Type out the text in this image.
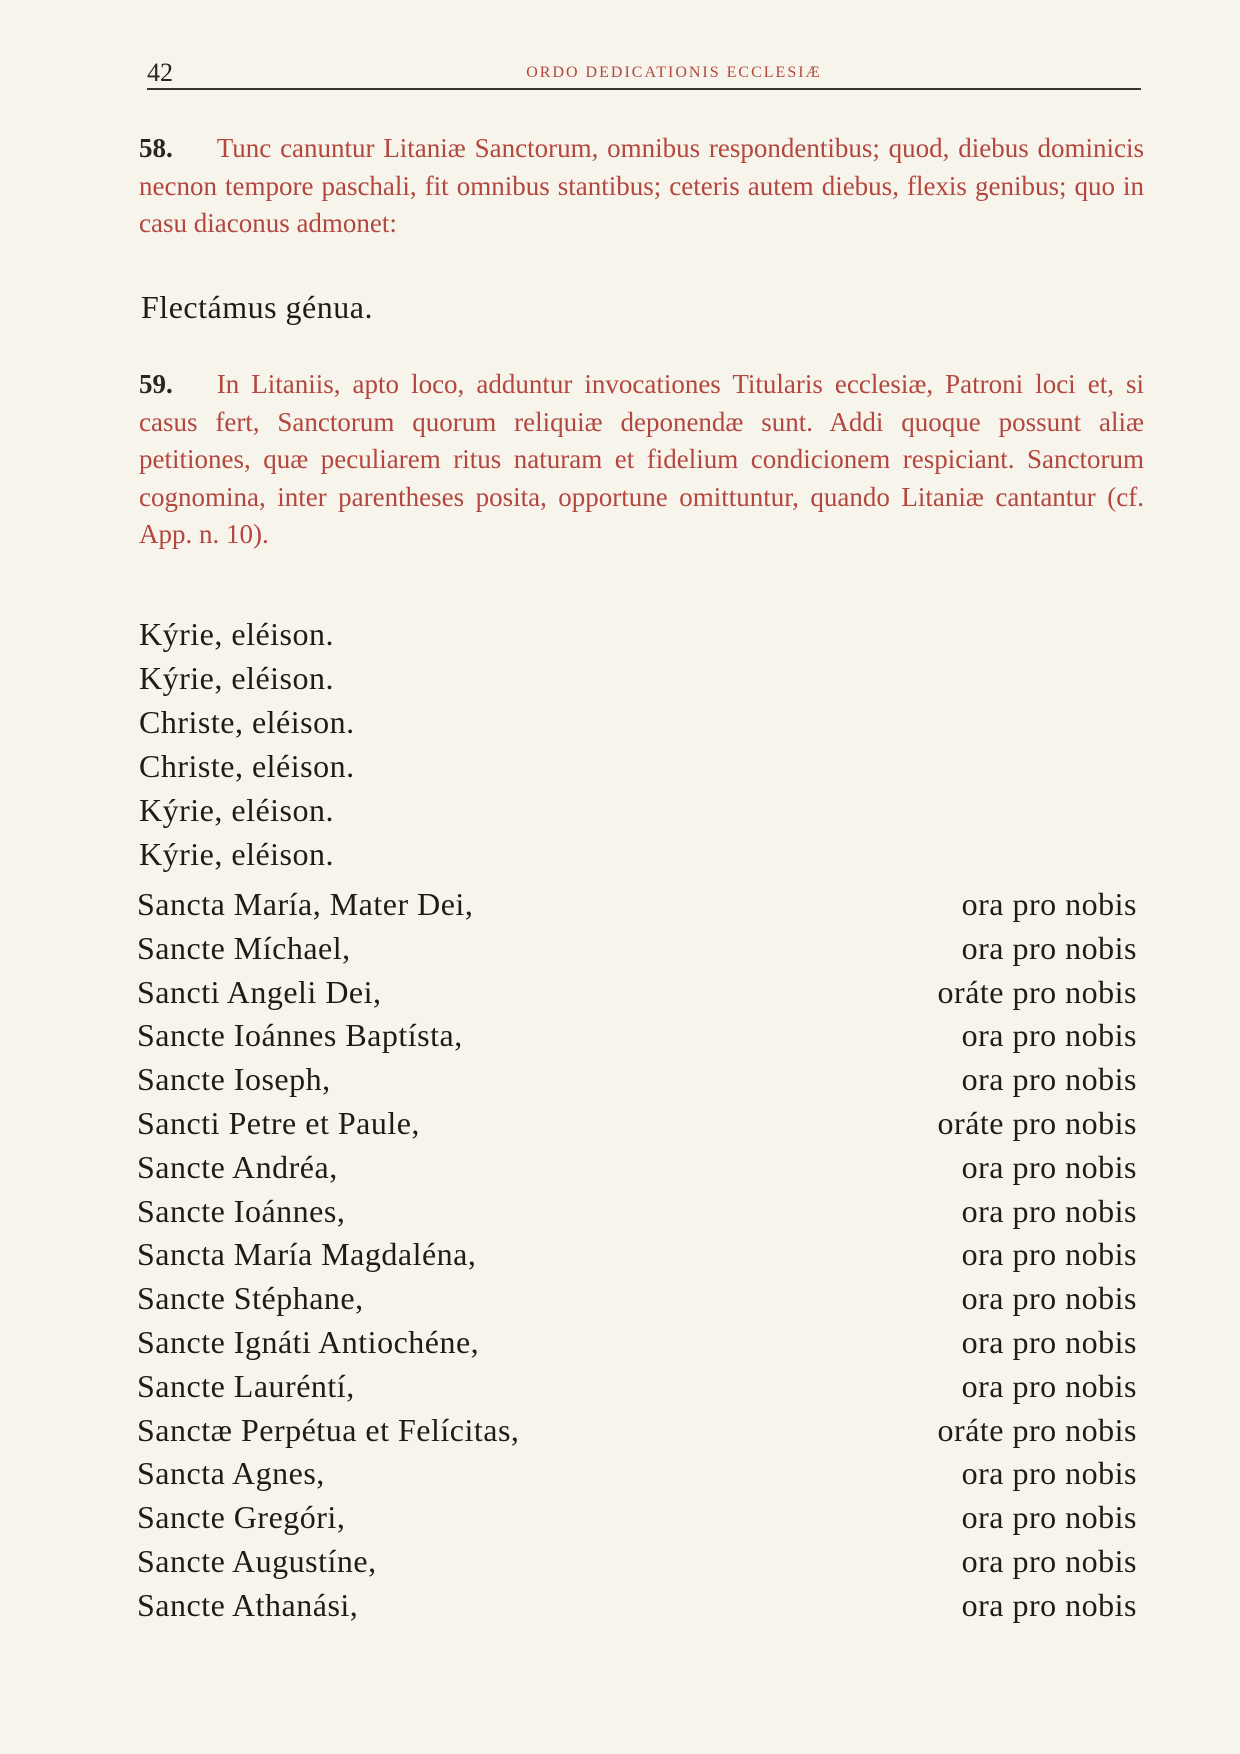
42	ORDO DEDICATIONIS ECCLESIÆ
58. Tunc canuntur Litaniæ Sanctorum, omnibus respondentibus; quod, diebus dominicis necnon tempore paschali, fit omnibus stantibus; ceteris autem diebus, flexis genibus; quo in casu diaconus admonet:
Flectámus génua.
59. In Litaniis, apto loco, adduntur invocationes Titularis ecclesiæ, Patroni loci et, si casus fert, Sanctorum quorum reliquiæ deponendæ sunt. Addi quoque possunt aliæ petitiones, quæ peculiarem ritus naturam et fidelium condicionem respiciant. Sanctorum cognomina, inter parentheses posita, opportune omittuntur, quando Litaniæ cantantur (cf. App. n. 10).
Kýrie, eléison.
Kýrie, eléison.
Christe, eléison.
Christe, eléison.
Kýrie, eléison.
Kýrie, eléison.
Sancta María, Mater Dei,	ora pro nobis
Sancte Míchael,	ora pro nobis
Sancti Angeli Dei,	oráte pro nobis
Sancte Ioánnes Baptísta,	ora pro nobis
Sancte Ioseph,	ora pro nobis
Sancti Petre et Paule,	oráte pro nobis
Sancte Andréa,	ora pro nobis
Sancte Ioánnes,	ora pro nobis
Sancta María Magdaléna,	ora pro nobis
Sancte Stéphane,	ora pro nobis
Sancte Ignáti Antiochéne,	ora pro nobis
Sancte Lauréntí,	ora pro nobis
Sanctæ Perpétua et Felícitas,	oráte pro nobis
Sancta Agnes,	ora pro nobis
Sancte Gregóri,	ora pro nobis
Sancte Augustíne,	ora pro nobis
Sancte Athanási,	ora pro nobis
